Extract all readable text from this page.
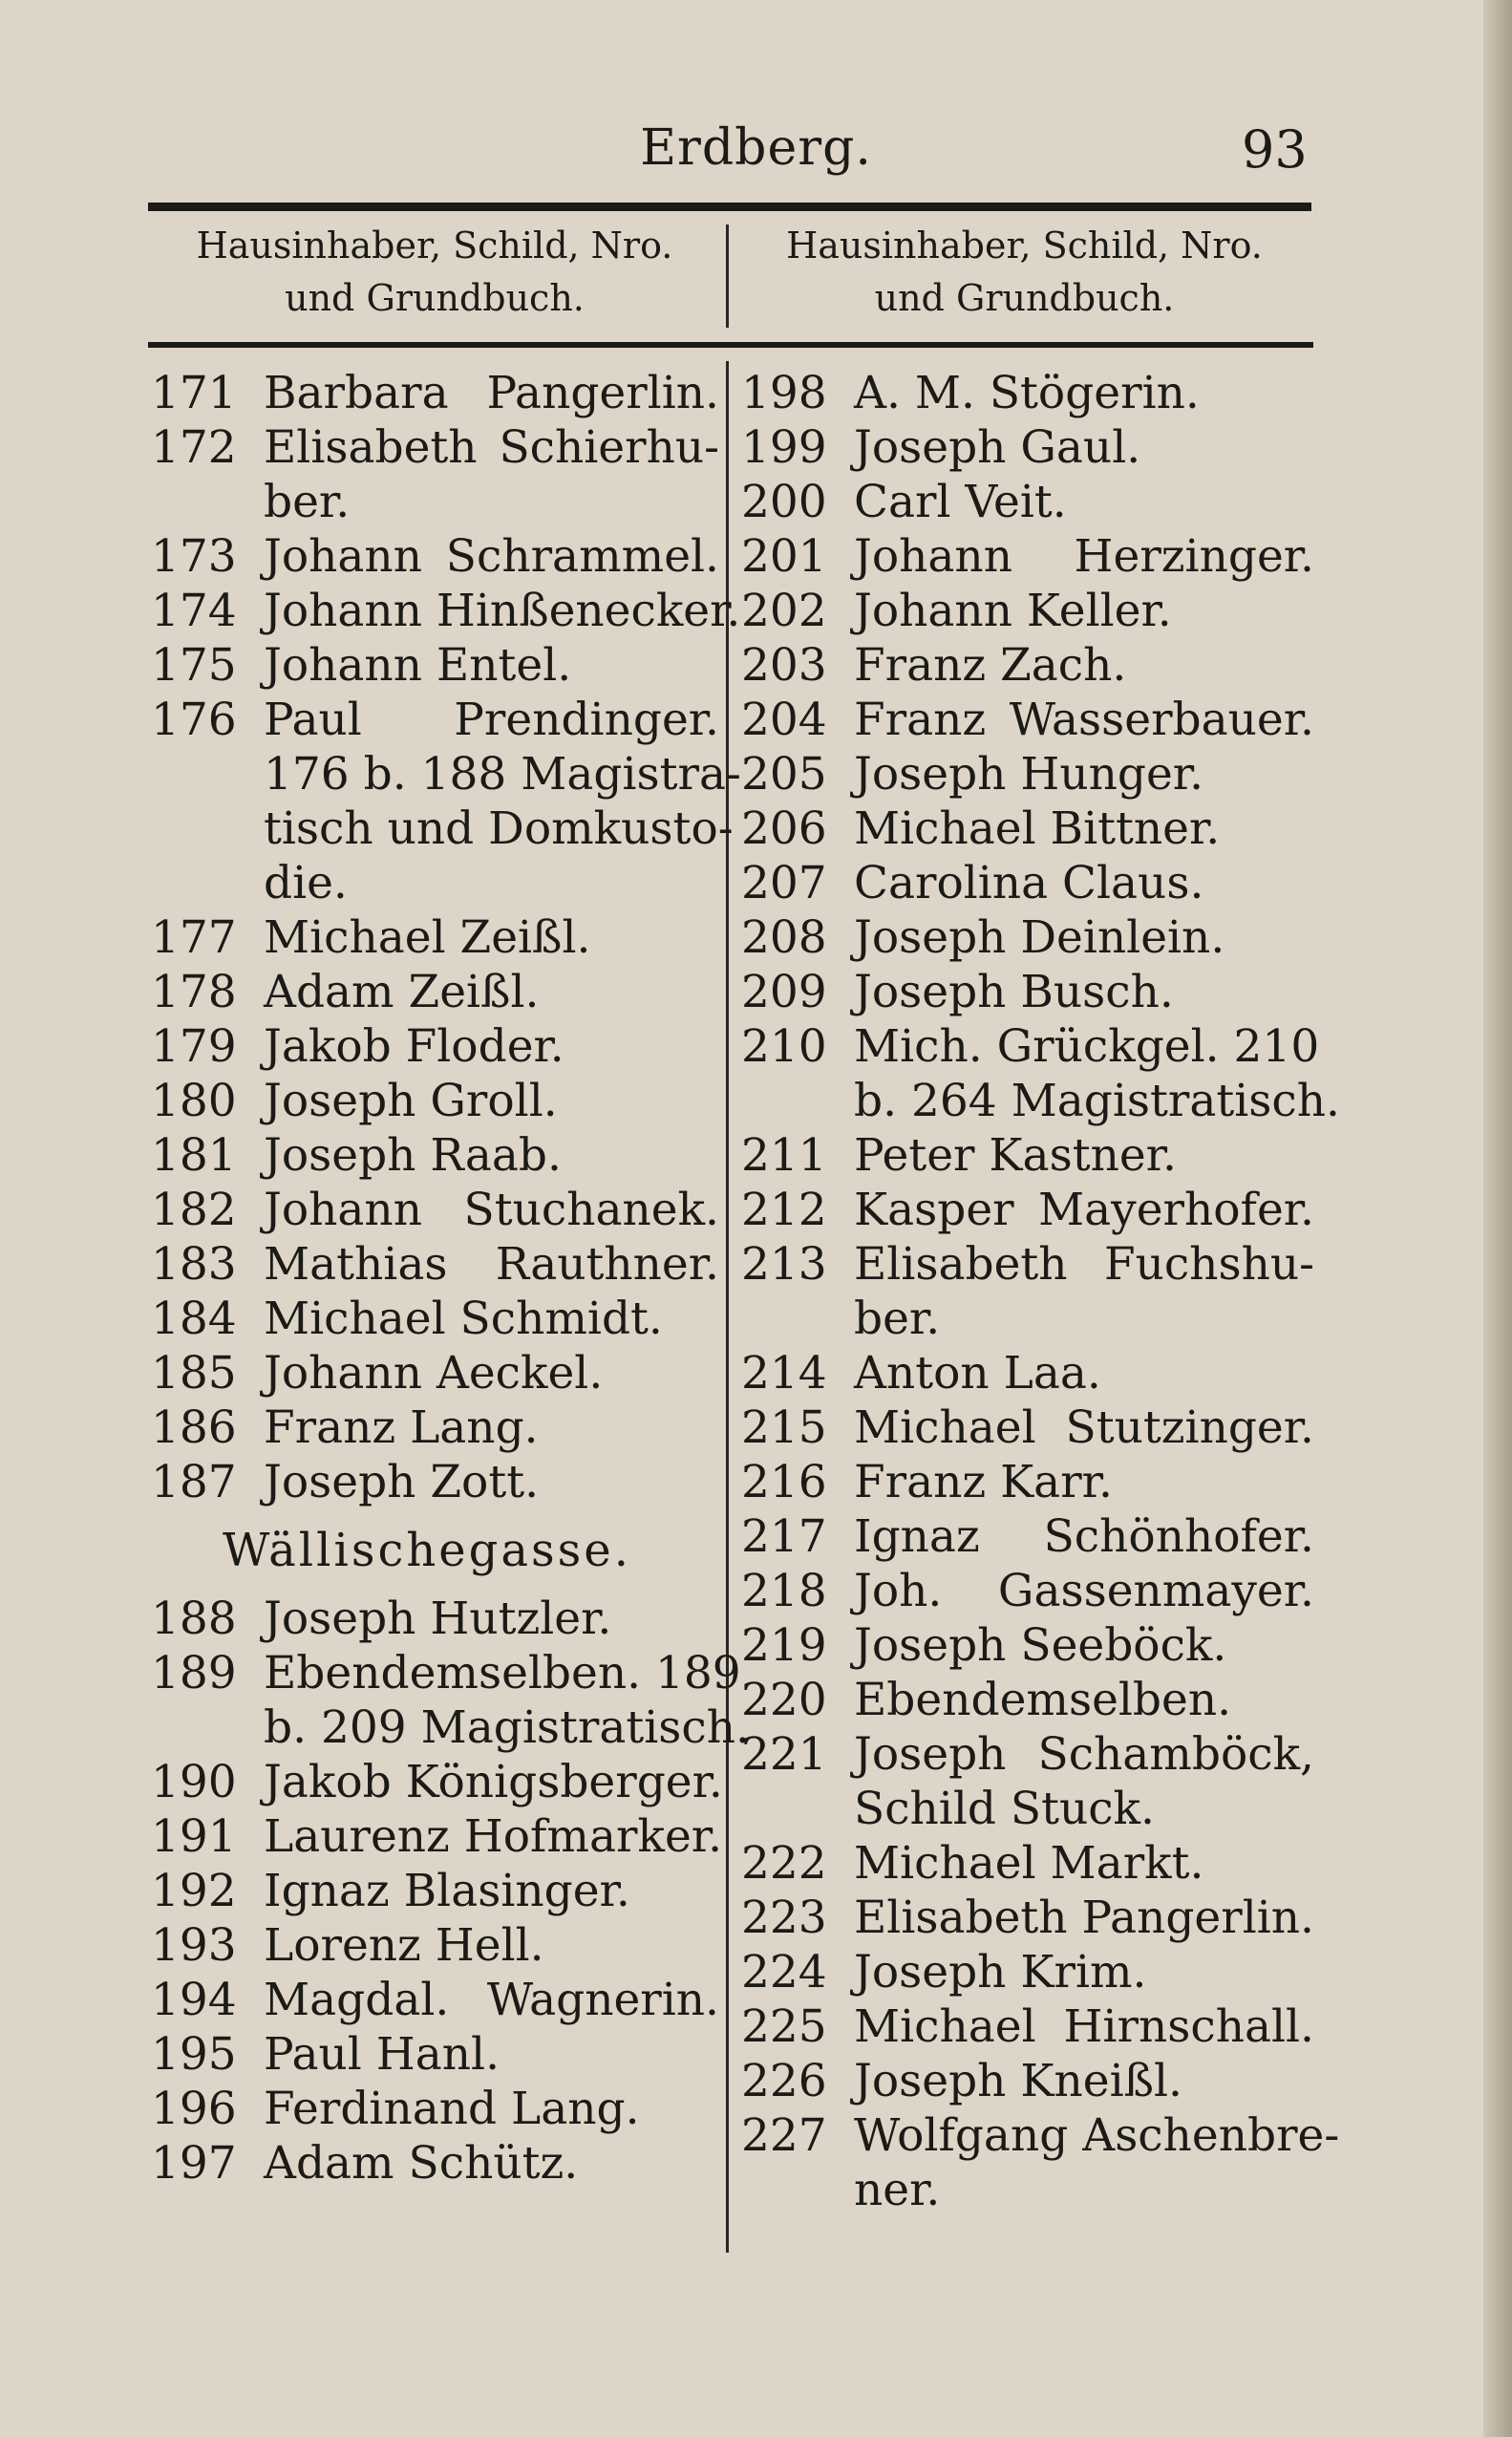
Erdberg.	93
Hausinhaber, Schild, Nro.
und Grundbuch.
Hausinhaber, Schild, Nro.
und Grundbuch.
171 Barbara Pangerlin.
172 Elisabeth Schierhu-
ber.
173 Johann Schrammel.
174 Johann Hinßenecker.
175 Johann Entel.
176 Paul Prendinger.
176 b. 188 Magistra-
tisch und Domkusto-
die.
177 Michael Zeißl.
178 Adam Zeißl.
179 Jakob Floder.
180 Joseph Groll.
181 Joseph Raab.
182 Johann Stuchanek.
183 Mathias Rauthner.
184 Michael Schmidt.
185 Johann Aeckel.
186 Franz Lang.
187 Joseph Zott.
Wällischegasse.
188 Joseph Hutzler.
189 Ebendemselben. 189
b. 209 Magistratisch.
190 Jakob Königsberger.
191 Laurenz Hofmarker.
192 Ignaz Blasinger.
193 Lorenz Hell.
194 Magdal. Wagnerin.
195 Paul Hanl.
196 Ferdinand Lang.
197 Adam Schütz.
198 A. M. Stögerin.
199 Joseph Gaul.
200 Carl Veit.
201 Johann Herzinger.
202 Johann Keller.
203 Franz Zach.
204 Franz Wasserbauer.
205 Joseph Hunger.
206 Michael Bittner.
207 Carolina Claus.
208 Joseph Deinlein.
209 Joseph Busch.
210 Mich. Grückgel. 210
b. 264 Magistratisch.
211 Peter Kastner.
212 Kasper Mayerhofer.
213 Elisabeth Fuchshu-
ber.
214 Anton Laa.
215 Michael Stutzinger.
216 Franz Karr.
217 Ignaz Schönhofer.
218 Joh. Gassenmayer.
219 Joseph Seeböck.
220 Ebendemselben.
221 Joseph Schamböck,
Schild Stuck.
222 Michael Markt.
223 Elisabeth Pangerlin.
224 Joseph Krim.
225 Michael Hirnschall.
226 Joseph Kneißl.
227 Wolfgang Aschenbre-
ner.
